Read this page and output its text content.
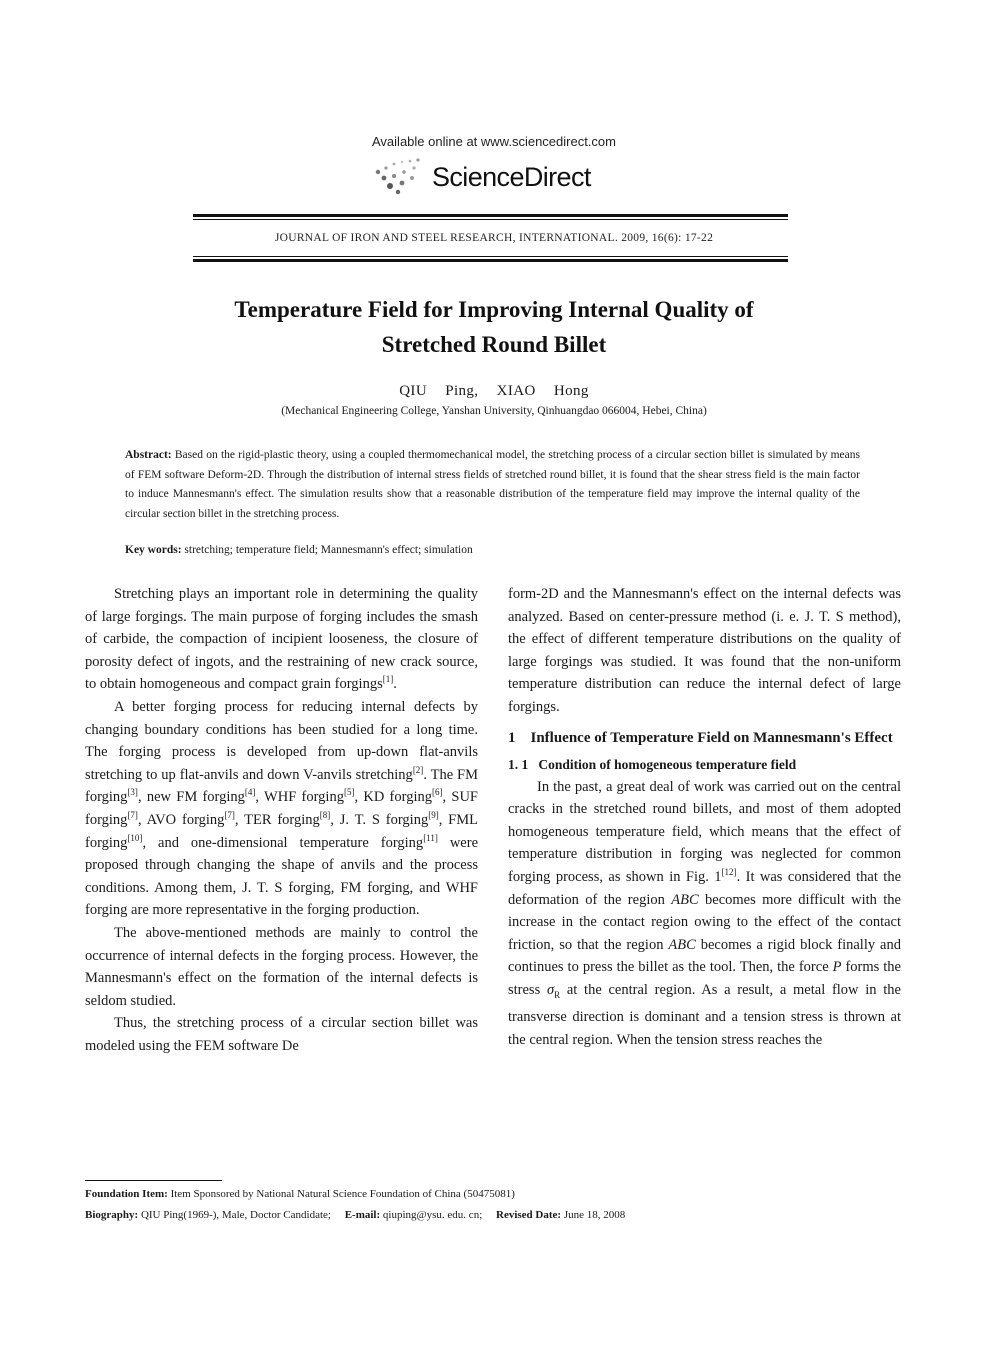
Available online at www.sciencedirect.com
ScienceDirect
JOURNAL OF IRON AND STEEL RESEARCH, INTERNATIONAL. 2009, 16(6): 17-22
Temperature Field for Improving Internal Quality of
Stretched Round Billet
QIU Ping, XIAO Hong
(Mechanical Engineering College, Yanshan University, Qinhuangdao 066004, Hebei, China)
Abstract: Based on the rigid-plastic theory, using a coupled thermomechanical model, the stretching process of a circular section billet is simulated by means of FEM software Deform-2D. Through the distribution of internal stress fields of stretched round billet, it is found that the shear stress field is the main factor to induce Mannesmann's effect. The simulation results show that a reasonable distribution of the temperature field may improve the internal quality of the circular section billet in the stretching process.
Key words: stretching; temperature field; Mannesmann's effect; simulation

Stretching plays an important role in determining the quality of large forgings. The main purpose of forging includes the smash of carbide, the compaction of incipient looseness, the closure of porosity defect of ingots, and the restraining of new crack source, to obtain homogeneous and compact grain forgings[1].

A better forging process for reducing internal defects by changing boundary conditions has been studied for a long time. The forging process is developed from up-down flat-anvils stretching to up flat-anvils and down V-anvils stretching[2]. The FM forging[3], new FM forging[4], WHF forging[5], KD forging[6], SUF forging[7], AVO forging[7], TER forging[8], J. T. S forging[9], FML forging[10], and one-dimensional temperature forging[11] were proposed through changing the shape of anvils and the process conditions. Among them, J. T. S forging, FM forging, and WHF forging are more representative in the forging production.

The above-mentioned methods are mainly to control the occurrence of internal defects in the forging process. However, the Mannesmann's effect on the formation of the internal defects is seldom studied.

Thus, the stretching process of a circular section billet was modeled using the FEM software De

form-2D and the Mannesmann's effect on the internal defects was analyzed. Based on center-pressure method (i. e. J. T. S method), the effect of different temperature distributions on the quality of large forgings was studied. It was found that the non-uniform temperature distribution can reduce the internal defect of large forgings.

1 Influence of Temperature Field on Mannesmann's Effect
1. 1 Condition of homogeneous temperature field

In the past, a great deal of work was carried out on the central cracks in the stretched round billets, and most of them adopted homogeneous temperature field, which means that the effect of temperature distribution in forging was neglected for common forging process, as shown in Fig. 1[12]. It was considered that the deformation of the region ABC becomes more difficult with the increase in the contact region owing to the effect of the contact friction, so that the region ABC becomes a rigid block finally and continues to press the billet as the tool. Then, the force P forms the stress $\sigma_R$ at the central region. As a result, a metal flow in the transverse direction is dominant and a tension stress is thrown at the central region. When the tension stress reaches the

Foundation Item: Item Sponsored by National Natural Science Foundation of China (50475081)
Biography: QIU Ping(1969-), Male, Doctor Candidate; E-mail: qiuping@ysu. edu. cn; Revised Date: June 18, 2008
